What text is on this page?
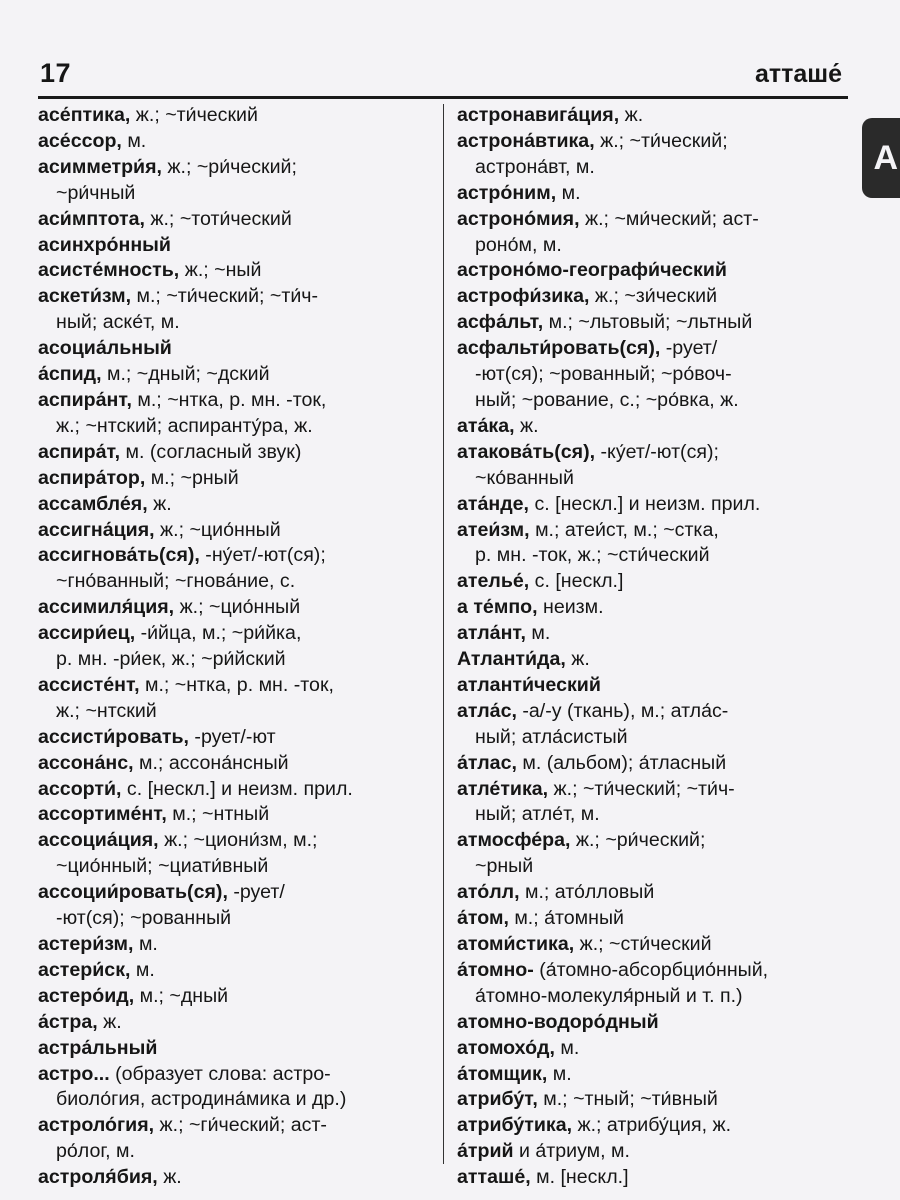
17	атташе́
А
асе́птика, ж.; ~ти́ческий
асе́ссор, м.
асимметри́я, ж.; ~ри́ческий;
~ри́чный
аси́мптота, ж.; ~тоти́ческий
асинхро́нный
асисте́мность, ж.; ~ный
аскети́зм, м.; ~ти́ческий; ~ти́ч-
ный; аске́т, м.
асоциа́льный
а́спид, м.; ~дный; ~дский
аспира́нт, м.; ~нтка, р. мн. -ток,
ж.; ~нтский; аспиранту́ра, ж.
аспира́т, м. (согласный звук)
аспира́тор, м.; ~рный
ассамбле́я, ж.
ассигна́ция, ж.; ~цио́нный
ассигнова́ть(ся), -ну́ет/-ют(ся);
~гно́ванный; ~гнова́ние, с.
ассимиля́ция, ж.; ~цио́нный
ассири́ец, -и́йца, м.; ~ри́йка,
р. мн. -ри́ек, ж.; ~ри́йский
ассисте́нт, м.; ~нтка, р. мн. -ток,
ж.; ~нтский
ассисти́ровать, -рует/-ют
ассона́нс, м.; ассона́нсный
ассорти́, с. [нескл.] и неизм. прил.
ассортиме́нт, м.; ~нтный
ассоциа́ция, ж.; ~циони́зм, м.;
~цио́нный; ~циати́вный
ассоции́ровать(ся), -рует/
-ют(ся); ~рованный
астери́зм, м.
астери́ск, м.
астеро́ид, м.; ~дный
а́стра, ж.
астра́льный
астро... (образует слова: астро-
биоло́гия, астродина́мика и др.)
астроло́гия, ж.; ~ги́ческий; аст-
ро́лог, м.
астроля́бия, ж.
астронавига́ция, ж.
астрона́втика, ж.; ~ти́ческий;
астрона́вт, м.
астро́ним, м.
астроно́мия, ж.; ~ми́ческий; аст-
роно́м, м.
астроно́мо-географи́ческий
астрофи́зика, ж.; ~зи́ческий
асфа́льт, м.; ~льтовый; ~льтный
асфальти́ровать(ся), -рует/
-ют(ся); ~рованный; ~ро́воч-
ный; ~рование, с.; ~ро́вка, ж.
ата́ка, ж.
атакова́ть(ся), -ку́ет/-ют(ся);
~ко́ванный
ата́нде, с. [нескл.] и неизм. прил.
атеи́зм, м.; атеи́ст, м.; ~стка,
р. мн. -ток, ж.; ~сти́ческий
ателье́, с. [нескл.]
а те́мпо, неизм.
атла́нт, м.
Атланти́да, ж.
атланти́ческий
атла́с, -а/-у (ткань), м.; атла́с-
ный; атла́систый
а́тлас, м. (альбом); а́тласный
атле́тика, ж.; ~ти́ческий; ~ти́ч-
ный; атле́т, м.
атмосфе́ра, ж.; ~ри́ческий;
~рный
ато́лл, м.; ато́лловый
а́том, м.; а́томный
атоми́стика, ж.; ~сти́ческий
а́томно- (а́томно-абсорбцио́нный,
а́томно-молекуля́рный и т. п.)
атомно-водоро́дный
атомохо́д, м.
а́томщик, м.
атрибу́т, м.; ~тный; ~ти́вный
атрибу́тика, ж.; атрибу́ция, ж.
а́трий и а́триум, м.
атташе́, м. [нескл.]
